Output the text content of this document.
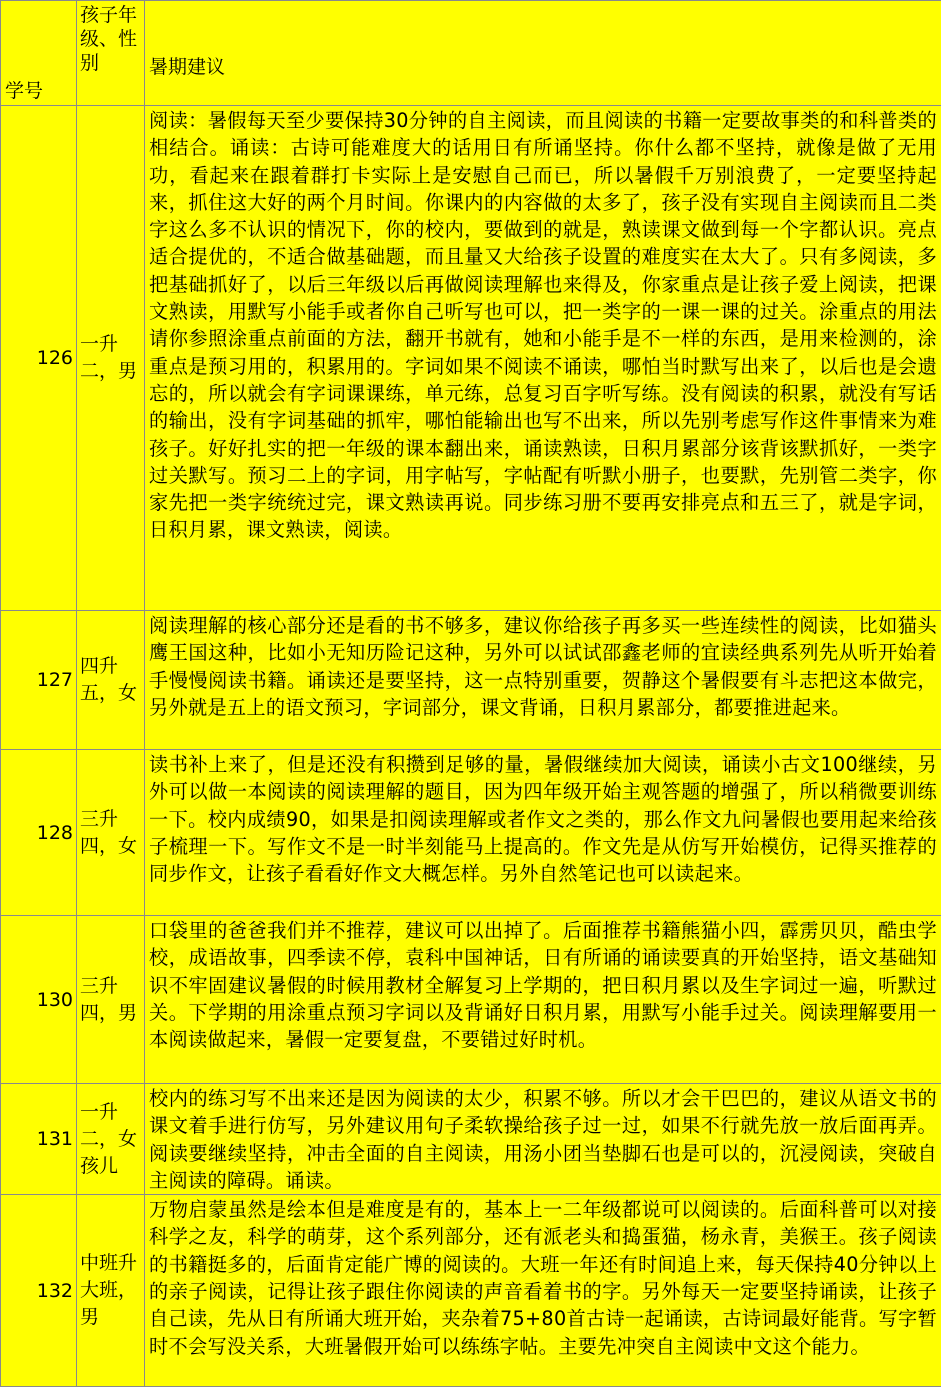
学号	孩子年级、性别	暑期建议
126	一升二，男	阅读：暑假每天至少要保持30分钟的自主阅读，而且阅读的书籍一定要故事类的和科普类的相结合。诵读：古诗可能难度大的话用日有所诵坚持。你什么都不坚持，就像是做了无用功，看起来在跟着群打卡实际上是安慰自己而已，所以暑假千万别浪费了，一定要坚持起来，抓住这大好的两个月时间。你课内的内容做的太多了，孩子没有实现自主阅读而且二类字这么多不认识的情况下，你的校内，要做到的就是，熟读课文做到每一个字都认识。亮点适合提优的，不适合做基础题，而且量又大给孩子设置的难度实在太大了。只有多阅读，多把基础抓好了，以后三年级以后再做阅读理解也来得及，你家重点是让孩子爱上阅读，把课文熟读，用默写小能手或者你自己听写也可以，把一类字的一课一课的过关。涂重点的用法请你参照涂重点前面的方法，翻开书就有，她和小能手是不一样的东西，是用来检测的，涂重点是预习用的，积累用的。字词如果不阅读不诵读，哪怕当时默写出来了，以后也是会遗忘的，所以就会有字词课课练，单元练，总复习百字听写练。没有阅读的积累，就没有写话的输出，没有字词基础的抓牢，哪怕能输出也写不出来，所以先别考虑写作这件事情来为难孩子。好好扎实的把一年级的课本翻出来，诵读熟读，日积月累部分该背该默抓好，一类字过关默写。预习二上的字词，用字帖写，字帖配有听默小册子，也要默，先别管二类字，你家先把一类字统统过完，课文熟读再说。同步练习册不要再安排亮点和五三了，就是字词，日积月累，课文熟读，阅读。
127	四升五，女	阅读理解的核心部分还是看的书不够多，建议你给孩子再多买一些连续性的阅读，比如猫头鹰王国这种，比如小无知历险记这种，另外可以试试邵鑫老师的宜读经典系列先从听开始着手慢慢阅读书籍。诵读还是要坚持，这一点特别重要，贺静这个暑假要有斗志把这本做完，另外就是五上的语文预习，字词部分，课文背诵，日积月累部分，都要推进起来。
128	三升四，女	读书补上来了，但是还没有积攒到足够的量，暑假继续加大阅读，诵读小古文100继续，另外可以做一本阅读的阅读理解的题目，因为四年级开始主观答题的增强了，所以稍微要训练一下。校内成绩90，如果是扣阅读理解或者作文之类的，那么作文九问暑假也要用起来给孩子梳理一下。写作文不是一时半刻能马上提高的。作文先是从仿写开始模仿，记得买推荐的同步作文，让孩子看看好作文大概怎样。另外自然笔记也可以读起来。
130	三升四，男	口袋里的爸爸我们并不推荐，建议可以出掉了。后面推荐书籍熊猫小四，霹雳贝贝，酷虫学校，成语故事，四季读不停，袁科中国神话，日有所诵的诵读要真的开始坚持，语文基础知识不牢固建议暑假的时候用教材全解复习上学期的，把日积月累以及生字词过一遍，听默过关。下学期的用涂重点预习字词以及背诵好日积月累，用默写小能手过关。阅读理解要用一本阅读做起来，暑假一定要复盘，不要错过好时机。
131	一升二，女孩儿	校内的练习写不出来还是因为阅读的太少，积累不够。所以才会干巴巴的，建议从语文书的课文着手进行仿写，另外建议用句子柔软操给孩子过一过，如果不行就先放一放后面再弄。阅读要继续坚持，冲击全面的自主阅读，用汤小团当垫脚石也是可以的，沉浸阅读，突破自主阅读的障碍。诵读。
132	中班升大班，男	万物启蒙虽然是绘本但是难度是有的，基本上一二年级都说可以阅读的。后面科普可以对接科学之友，科学的萌芽，这个系列部分，还有派老头和捣蛋猫，杨永青，美猴王。孩子阅读的书籍挺多的，后面肯定能广博的阅读的。大班一年还有时间追上来，每天保持40分钟以上的亲子阅读，记得让孩子跟住你阅读的声音看着书的字。另外每天一定要坚持诵读，让孩子自己读，先从日有所诵大班开始，夹杂着75+80首古诗一起诵读，古诗词最好能背。写字暂时不会写没关系，大班暑假开始可以练练字帖。主要先冲突自主阅读中文这个能力。
